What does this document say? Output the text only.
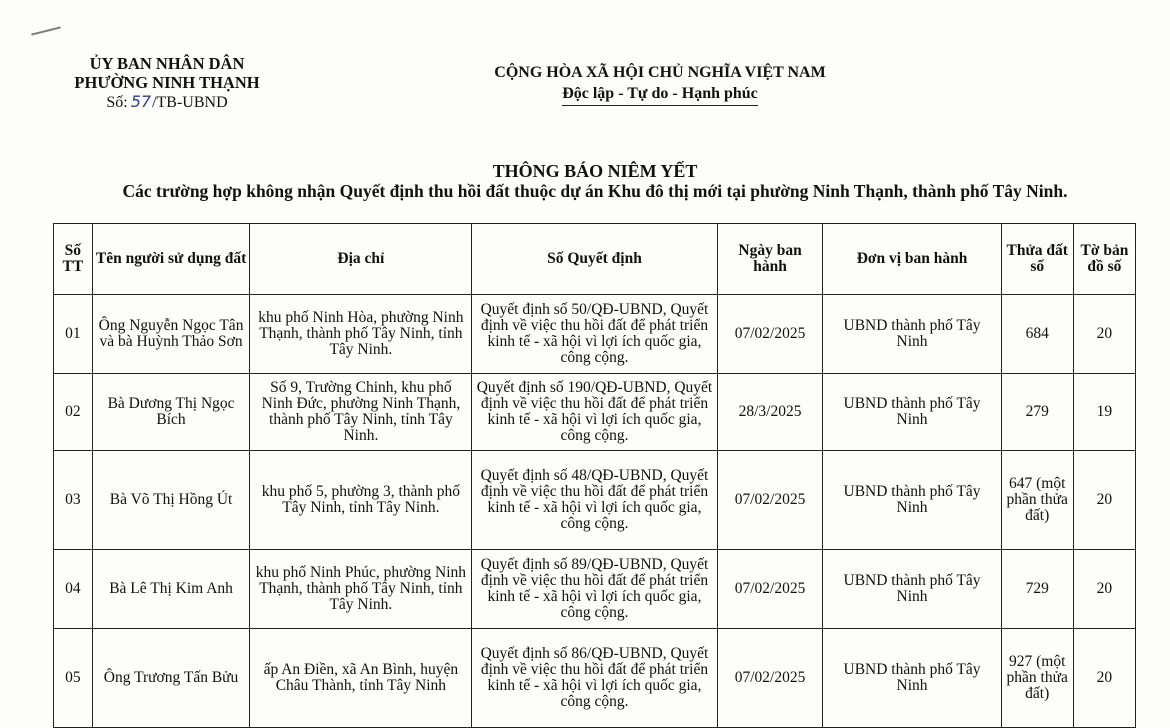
ỦY BAN NHÂN DÂN
PHƯỜNG NINH THẠNH
Số: 57/TB-UBND
CỘNG HÒA XÃ HỘI CHỦ NGHĨA VIỆT NAM
Độc lập - Tự do - Hạnh phúc
THÔNG BÁO NIÊM YẾT
Các trường hợp không nhận Quyết định thu hồi đất thuộc dự án Khu đô thị mới tại phường Ninh Thạnh, thành phố Tây Ninh.
Số TT	Tên người sử dụng đất	Địa chỉ	Số Quyết định	Ngày ban hành	Đơn vị ban hành	Thửa đất số	Tờ bản đồ số
01	Ông Nguyễn Ngọc Tân và bà Huỳnh Thảo Sơn	khu phố Ninh Hòa, phường Ninh Thạnh, thành phố Tây Ninh, tỉnh Tây Ninh.	Quyết định số 50/QĐ-UBND, Quyết định về việc thu hồi đất để phát triển kinh tế - xã hội vì lợi ích quốc gia, công cộng.	07/02/2025	UBND thành phố Tây Ninh	684	20
02	Bà Dương Thị Ngọc Bích	Số 9, Trường Chinh, khu phố Ninh Đức, phường Ninh Thạnh, thành phố Tây Ninh, tỉnh Tây Ninh.	Quyết định số 190/QĐ-UBND, Quyết định về việc thu hồi đất để phát triển kinh tế - xã hội vì lợi ích quốc gia, công cộng.	28/3/2025	UBND thành phố Tây Ninh	279	19
03	Bà Võ Thị Hồng Út	khu phố 5, phường 3, thành phố Tây Ninh, tỉnh Tây Ninh.	Quyết định số 48/QĐ-UBND, Quyết định về việc thu hồi đất để phát triển kinh tế - xã hội vì lợi ích quốc gia, công cộng.	07/02/2025	UBND thành phố Tây Ninh	647 (một phần thửa đất)	20
04	Bà Lê Thị Kim Anh	khu phố Ninh Phúc, phường Ninh Thạnh, thành phố Tây Ninh, tỉnh Tây Ninh.	Quyết định số 89/QĐ-UBND, Quyết định về việc thu hồi đất để phát triển kinh tế - xã hội vì lợi ích quốc gia, công cộng.	07/02/2025	UBND thành phố Tây Ninh	729	20
05	Ông Trương Tấn Bửu	ấp An Điền, xã An Bình, huyện Châu Thành, tỉnh Tây Ninh	Quyết định số 86/QĐ-UBND, Quyết định về việc thu hồi đất để phát triển kinh tế - xã hội vì lợi ích quốc gia, công cộng.	07/02/2025	UBND thành phố Tây Ninh	927 (một phần thửa đất)	20
